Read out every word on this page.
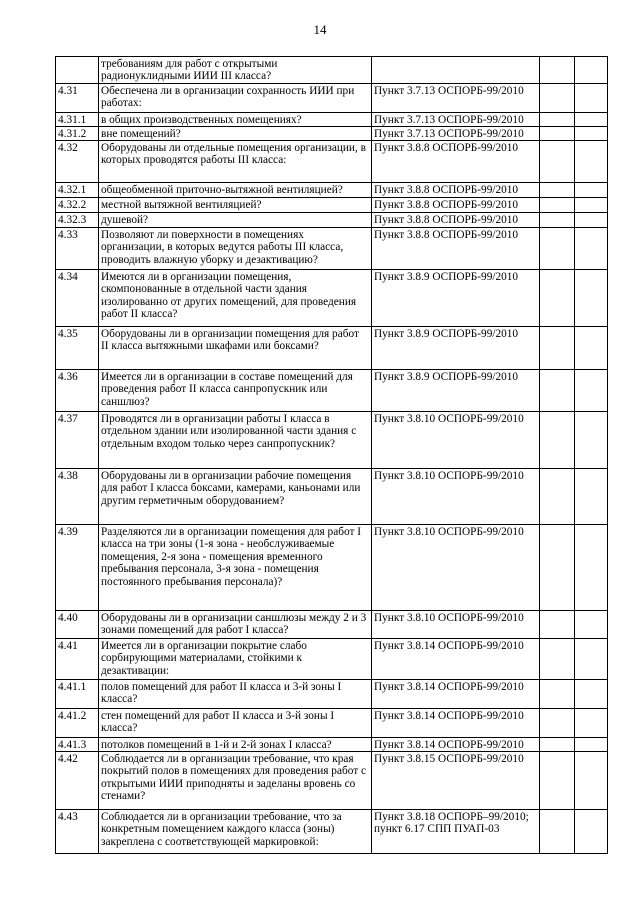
14
	требованиям для работ с открытыми радионуклидными ИИИ III класса?			
4.31	Обеспечена ли в организации сохранность ИИИ при работах:	Пункт 3.7.13 ОСПОРБ-99/2010		
4.31.1	в общих производственных помещениях?	Пункт 3.7.13 ОСПОРБ-99/2010		
4.31.2	вне помещений?	Пункт 3.7.13 ОСПОРБ-99/2010		
4.32	Оборудованы ли отдельные помещения организации, в которых проводятся работы III класса:	Пункт 3.8.8 ОСПОРБ-99/2010		
4.32.1	общеобменной приточно-вытяжной вентиляцией?	Пункт 3.8.8 ОСПОРБ-99/2010		
4.32.2	местной вытяжной вентиляцией?	Пункт 3.8.8 ОСПОРБ-99/2010		
4.32.3	душевой?	Пункт 3.8.8 ОСПОРБ-99/2010		
4.33	Позволяют ли поверхности в помещениях организации, в которых ведутся работы III класса, проводить влажную уборку и дезактивацию?	Пункт 3.8.8 ОСПОРБ-99/2010		
4.34	Имеются ли в организации помещения, скомпонованные в отдельной части здания изолированно от других помещений, для проведения работ II класса?	Пункт 3.8.9 ОСПОРБ-99/2010		
4.35	Оборудованы ли в организации помещения для работ II класса вытяжными шкафами или боксами?	Пункт 3.8.9 ОСПОРБ-99/2010		
4.36	Имеется ли в организации в составе помещений для проведения работ II класса санпропускник или саншлюз?	Пункт 3.8.9 ОСПОРБ-99/2010		
4.37	Проводятся ли в организации работы I класса в отдельном здании или изолированной части здания с отдельным входом только через санпропускник?	Пункт 3.8.10 ОСПОРБ-99/2010		
4.38	Оборудованы ли в организации рабочие помещения для работ I класса боксами, камерами, каньонами или другим герметичным оборудованием?	Пункт 3.8.10 ОСПОРБ-99/2010		
4.39	Разделяются ли в организации помещения для работ I класса на три зоны (1-я зона - необслуживаемые помещения, 2-я зона - помещения временного пребывания персонала, 3-я зона - помещения постоянного пребывания персонала)?	Пункт 3.8.10 ОСПОРБ-99/2010		
4.40	Оборудованы ли в организации саншлюзы между 2 и 3 зонами помещений для работ I класса?	Пункт 3.8.10 ОСПОРБ-99/2010		
4.41	Имеется ли в организации покрытие слабо сорбирующими материалами, стойкими к дезактивации:	Пункт 3.8.14 ОСПОРБ-99/2010		
4.41.1	полов помещений для работ II класса и 3-й зоны I класса?	Пункт 3.8.14 ОСПОРБ-99/2010		
4.41.2	стен помещений для работ II класса и 3-й зоны I класса?	Пункт 3.8.14 ОСПОРБ-99/2010		
4.41.3	потолков помещений в 1-й и 2-й зонах I класса?	Пункт 3.8.14 ОСПОРБ-99/2010		
4.42	Соблюдается ли в организации требование, что края покрытий полов в помещениях для проведения работ с открытыми ИИИ приподняты и заделаны вровень со стенами?	Пункт 3.8.15 ОСПОРБ-99/2010		
4.43	Соблюдается ли в организации требование, что за конкретным помещением каждого класса (зоны) закреплена с соответствующей маркировкой:	Пункт 3.8.18 ОСПОРБ–99/2010; пункт 6.17 СПП ПУАП-03		
